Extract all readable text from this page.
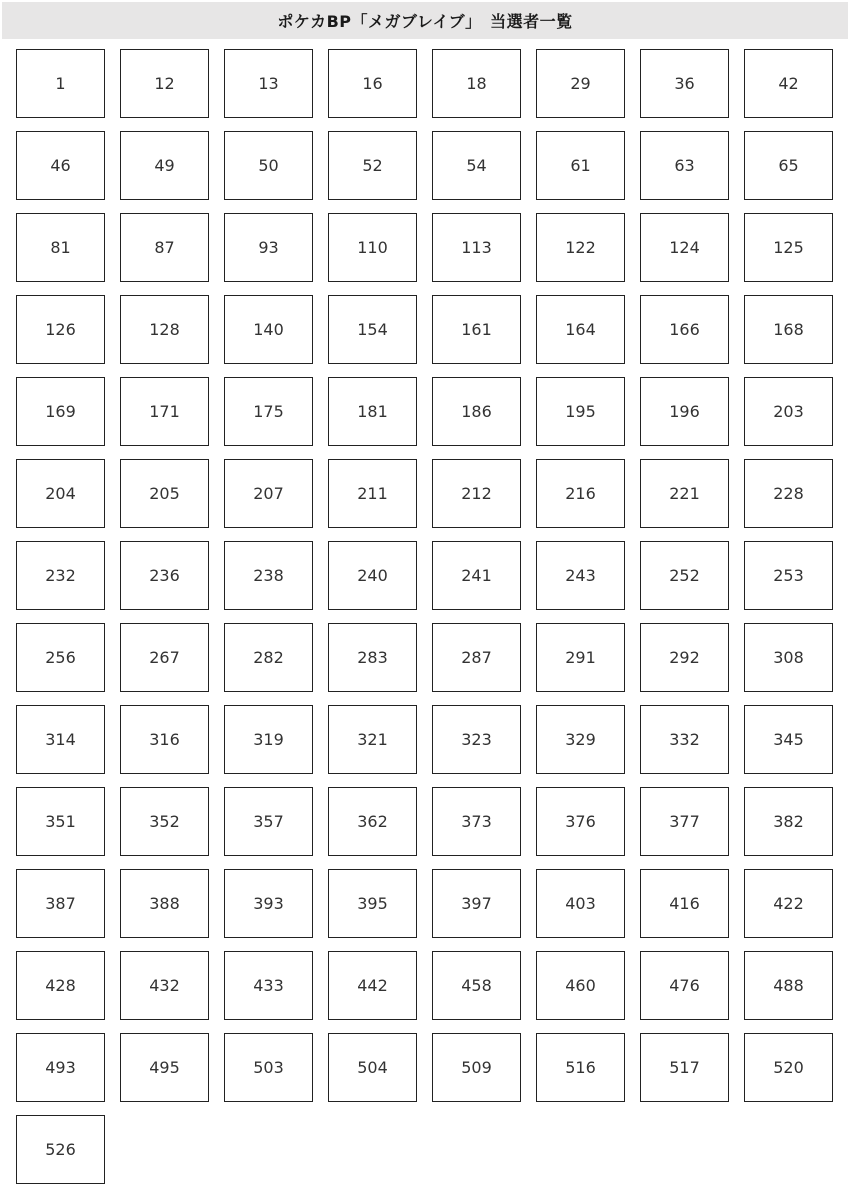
ポケカBP「メガブレイブ」　当選者一覧
1	12	13	16	18	29	36	42
46	49	50	52	54	61	63	65
81	87	93	110	113	122	124	125
126	128	140	154	161	164	166	168
169	171	175	181	186	195	196	203
204	205	207	211	212	216	221	228
232	236	238	240	241	243	252	253
256	267	282	283	287	291	292	308
314	316	319	321	323	329	332	345
351	352	357	362	373	376	377	382
387	388	393	395	397	403	416	422
428	432	433	442	458	460	476	488
493	495	503	504	509	516	517	520
526
